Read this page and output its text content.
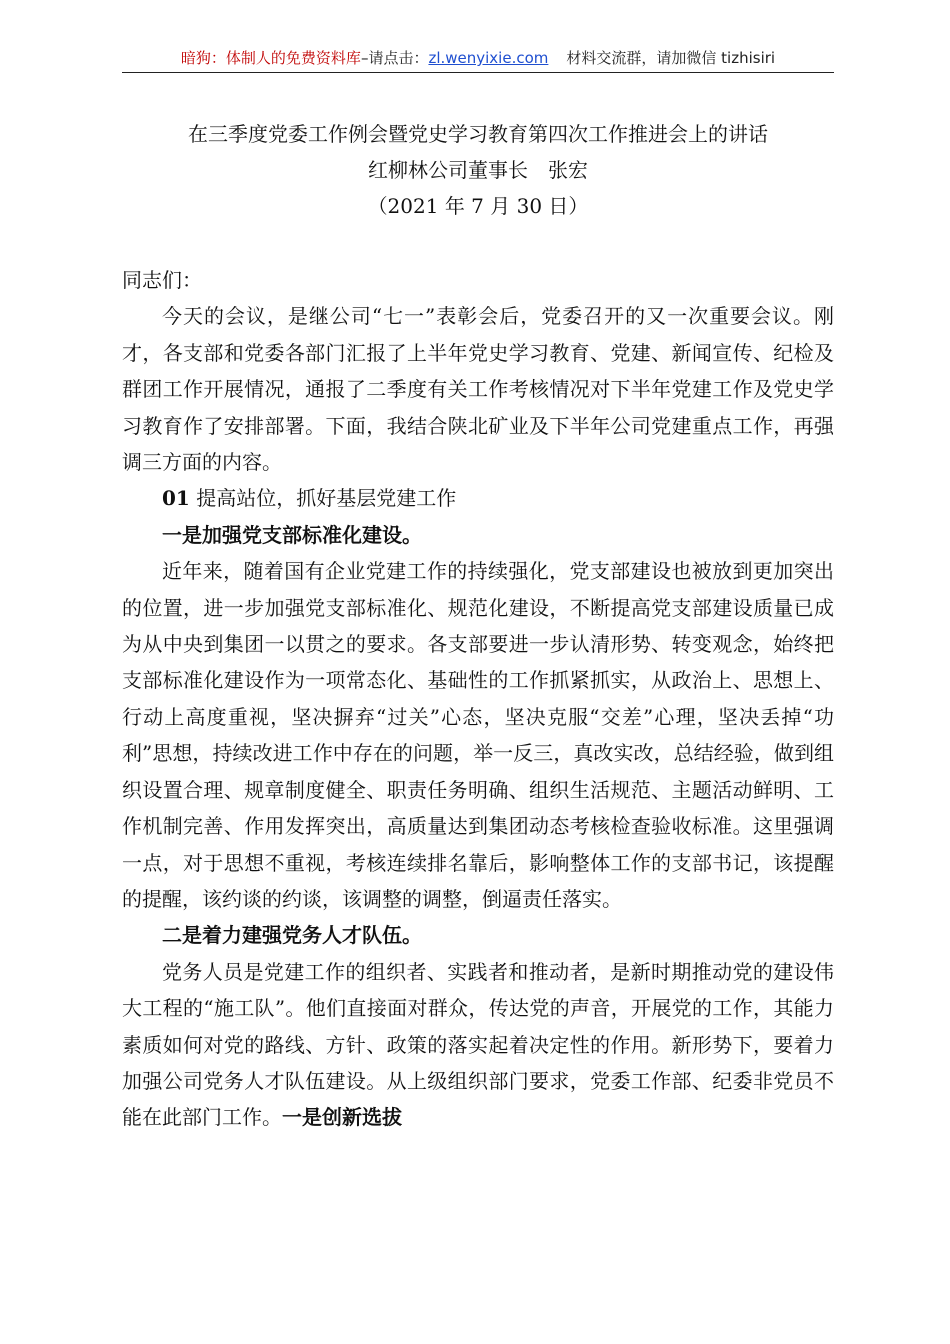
暗狗：体制人的免费资料库–请点击：zl.wenyixie.com 材料交流群，请加微信 tizhisiri
在三季度党委工作例会暨党史学习教育第四次工作推进会上的讲话
红柳林公司董事长　张宏
（2021 年 7 月 30 日）

同志们：

今天的会议，是继公司“七一”表彰会后，党委召开的又一次重要会议。刚才，各支部和党委各部门汇报了上半年党史学习教育、党建、新闻宣传、纪检及群团工作开展情况，通报了二季度有关工作考核情况对下半年党建工作及党史学习教育作了安排部署。下面，我结合陕北矿业及下半年公司党建重点工作，再强调三方面的内容。

01 提高站位，抓好基层党建工作

一是加强党支部标准化建设。

近年来，随着国有企业党建工作的持续强化，党支部建设也被放到更加突出的位置，进一步加强党支部标准化、规范化建设，不断提高党支部建设质量已成为从中央到集团一以贯之的要求。各支部要进一步认清形势、转变观念，始终把支部标准化建设作为一项常态化、基础性的工作抓紧抓实，从政治上、思想上、行动上高度重视，坚决摒弃“过关”心态，坚决克服“交差”心理，坚决丢掉“功利”思想，持续改进工作中存在的问题，举一反三，真改实改，总结经验，做到组织设置合理、规章制度健全、职责任务明确、组织生活规范、主题活动鲜明、工作机制完善、作用发挥突出，高质量达到集团动态考核检查验收标准。这里强调一点，对于思想不重视，考核连续排名靠后，影响整体工作的支部书记，该提醒的提醒，该约谈的约谈，该调整的调整，倒逼责任落实。

二是着力建强党务人才队伍。

党务人员是党建工作的组织者、实践者和推动者，是新时期推动党的建设伟大工程的“施工队”。他们直接面对群众，传达党的声音，开展党的工作，其能力素质如何对党的路线、方针、政策的落实起着决定性的作用。新形势下，要着力加强公司党务人才队伍建设。从上级组织部门要求，党委工作部、纪委非党员不能在此部门工作。一是创新选拔
